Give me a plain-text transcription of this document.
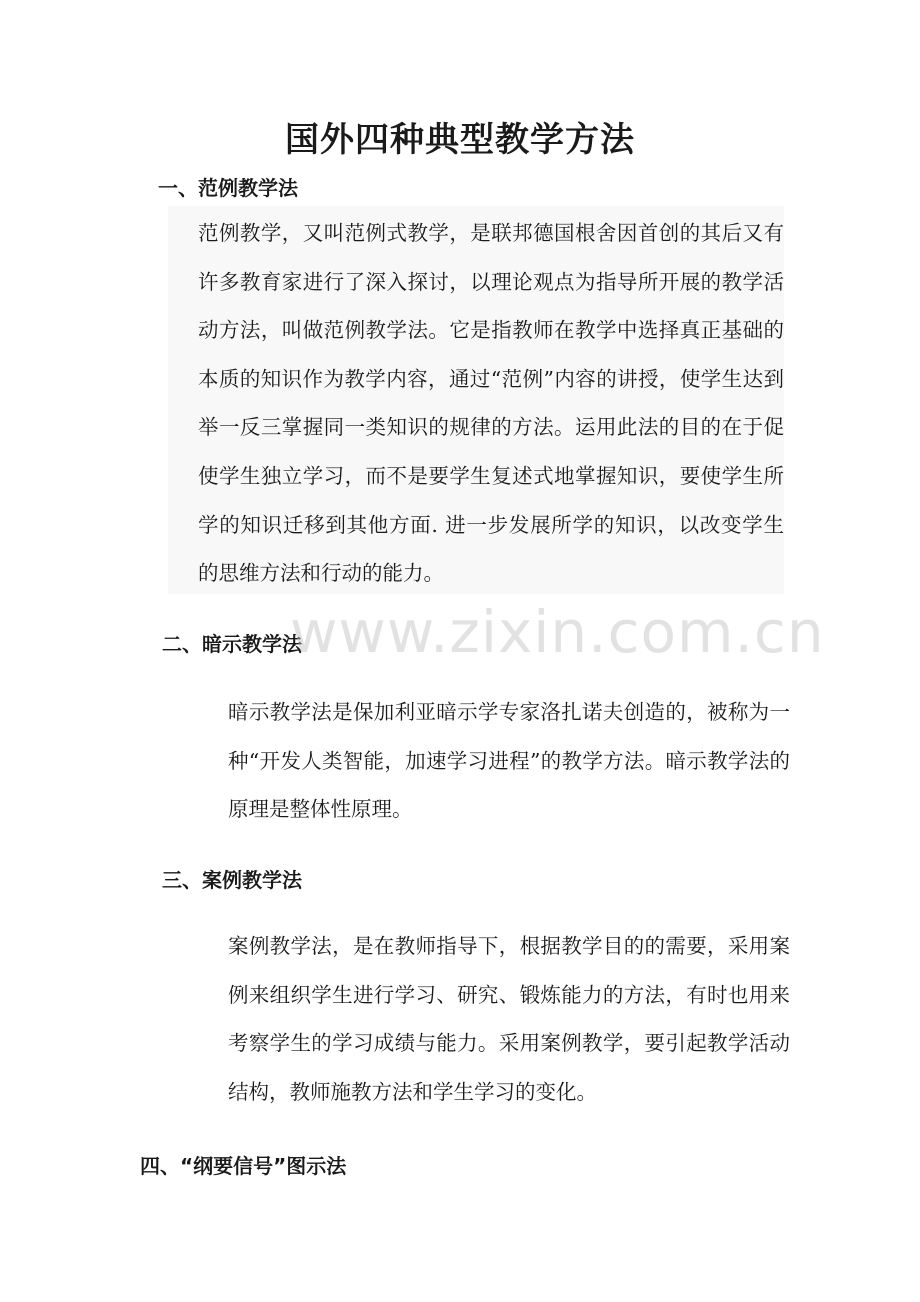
国外四种典型教学方法
一、范例教学法

范例教学，又叫范例式教学，是联邦德国根舍因首创的其后又有许多教育家进行了深入探讨，以理论观点为指导所开展的教学活动方法，叫做范例教学法。它是指教师在教学中选择真正基础的本质的知识作为教学内容，通过“范例”内容的讲授，使学生达到举一反三掌握同一类知识的规律的方法。运用此法的目的在于促使学生独立学习，而不是要学生复述式地掌握知识，要使学生所学的知识迁移到其他方面. 进一步发展所学的知识，以改变学生的思维方法和行动的能力。

二、暗示教学法

暗示教学法是保加利亚暗示学专家洛扎诺夫创造的，被称为一种“开发人类智能，加速学习进程”的教学方法。暗示教学法的原理是整体性原理。

三、案例教学法

案例教学法，是在教师指导下，根据教学目的的需要，采用案例来组织学生进行学习、研究、锻炼能力的方法，有时也用来考察学生的学习成绩与能力。采用案例教学，要引起教学活动结构，教师施教方法和学生学习的变化。

四、“纲要信号”图示法
www.zixin.com.cn
